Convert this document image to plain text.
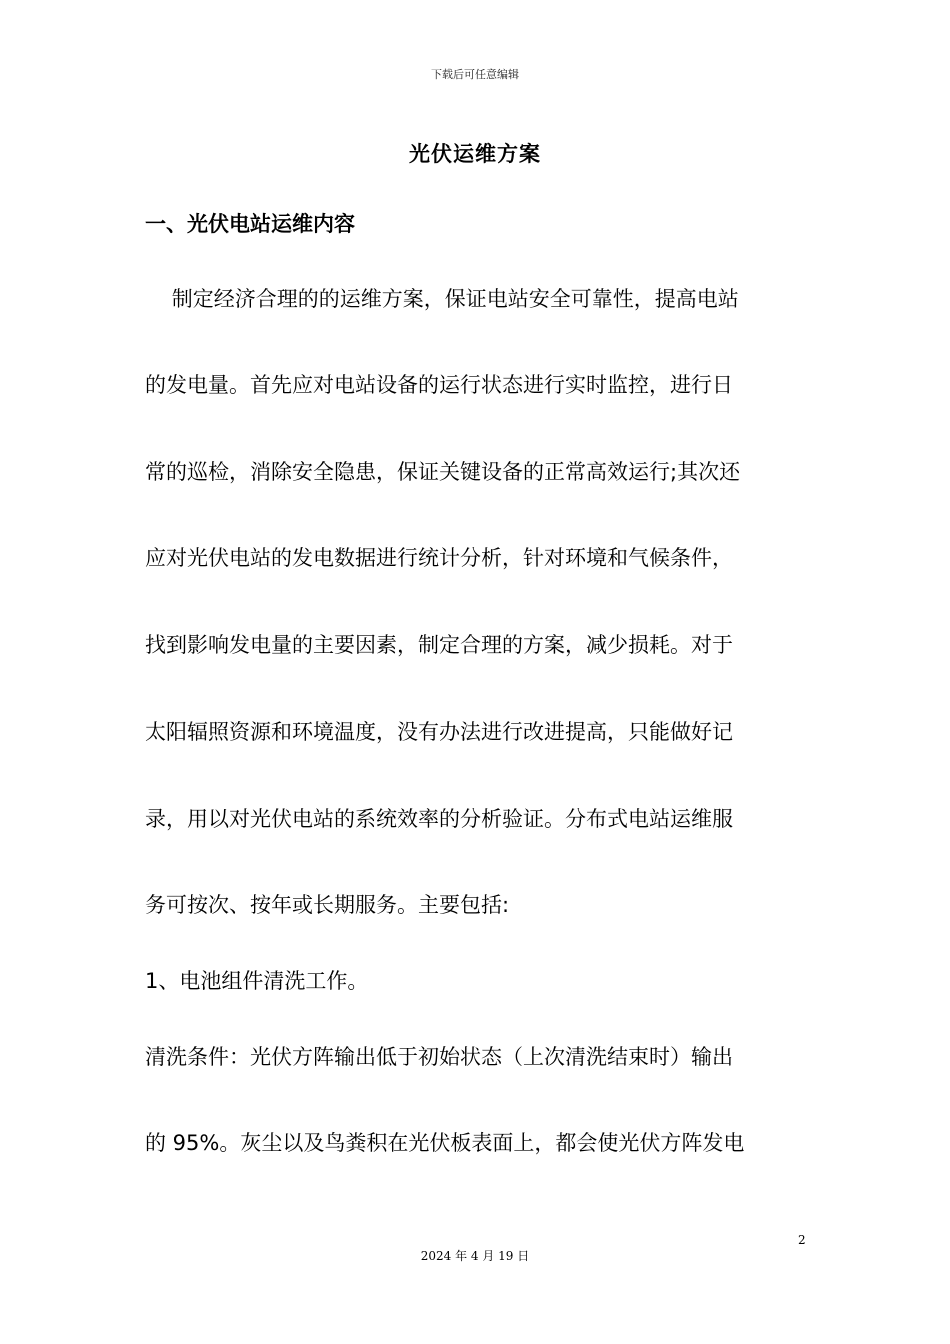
下载后可任意编辑
光伏运维方案
一、光伏电站运维内容
制定经济合理的的运维方案，保证电站安全可靠性，提高电站
的发电量。首先应对电站设备的运行状态进行实时监控，进行日
常的巡检，消除安全隐患，保证关键设备的正常高效运行;其次还
应对光伏电站的发电数据进行统计分析，针对环境和气候条件，
找到影响发电量的主要因素，制定合理的方案，减少损耗。对于
太阳辐照资源和环境温度，没有办法进行改进提高，只能做好记
录，用以对光伏电站的系统效率的分析验证。分布式电站运维服
务可按次、按年或长期服务。主要包括:
1、电池组件清洗工作。
清洗条件：光伏方阵输出低于初始状态（上次清洗结束时）输出
的 95%。灰尘以及鸟粪积在光伏板表面上，都会使光伏方阵发电
2
2024 年 4 月 19 日
